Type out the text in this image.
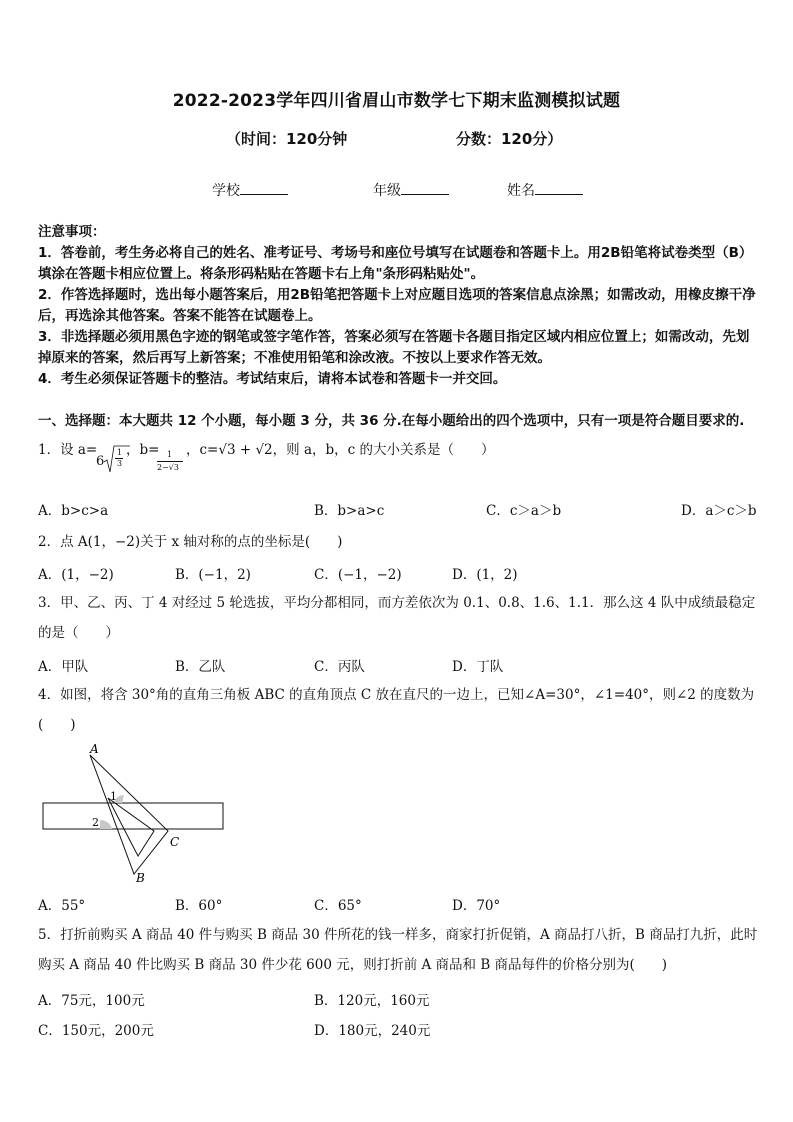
2022-2023学年四川省眉山市数学七下期末监测模拟试题
（时间：120分钟	分数：120分）
学校	年级	姓名
注意事项：
1．答卷前，考生务必将自己的姓名、准考证号、考场号和座位号填写在试题卷和答题卡上。用2B铅笔将试卷类型（B）填涂在答题卡相应位置上。将条形码粘贴在答题卡右上角"条形码粘贴处"。
2．作答选择题时，选出每小题答案后，用2B铅笔把答题卡上对应题目选项的答案信息点涂黑；如需改动，用橡皮擦干净后，再选涂其他答案。答案不能答在试题卷上。
3．非选择题必须用黑色字迹的钢笔或签字笔作答，答案必须写在答题卡各题目指定区域内相应位置上；如需改动，先划掉原来的答案，然后再写上新答案；不准使用铅笔和涂改液。不按以上要求作答无效。
4．考生必须保证答题卡的整洁。考试结束后，请将本试卷和答题卡一并交回。
一、选择题：本大题共 12 个小题，每小题 3 分，共 36 分.在每小题给出的四个选项中，只有一项是符合题目要求的.
1．设 a=
6
1
3
，b= 1
2−√3
，c=√3 + √2，则 a，b，c 的大小关系是（　　）
A．b>c>a	B．b>a>c	C．c＞a＞b	D．a＞c＞b
2．点 A(1，−2)关于 x 轴对称的点的坐标是(　　)
A．(1，−2)	B．(−1，2)	C．(−1，−2)	D．(1，2)
3．甲、乙、丙、丁 4 对经过 5 轮选拔，平均分都相同，而方差依次为 0.1、0.8、1.6、1.1．那么这 4 队中成绩最稳定的是（　　）
A．甲队	B．乙队	C．丙队	D．丁队
4．如图，将含 30°角的直角三角板 ABC 的直角顶点 C 放在直尺的一边上，已知∠A=30°，∠1=40°，则∠2 的度数为(　　)
A
B
C
1
2
A．55°	B．60°	C．65°	D．70°
5．打折前购买 A 商品 40 件与购买 B 商品 30 件所花的钱一样多，商家打折促销，A 商品打八折，B 商品打九折，此时购买 A 商品 40 件比购买 B 商品 30 件少花 600 元，则打折前 A 商品和 B 商品每件的价格分别为(　　)
A．75元，100元	B．120元，160元
C．150元，200元	D．180元，240元
